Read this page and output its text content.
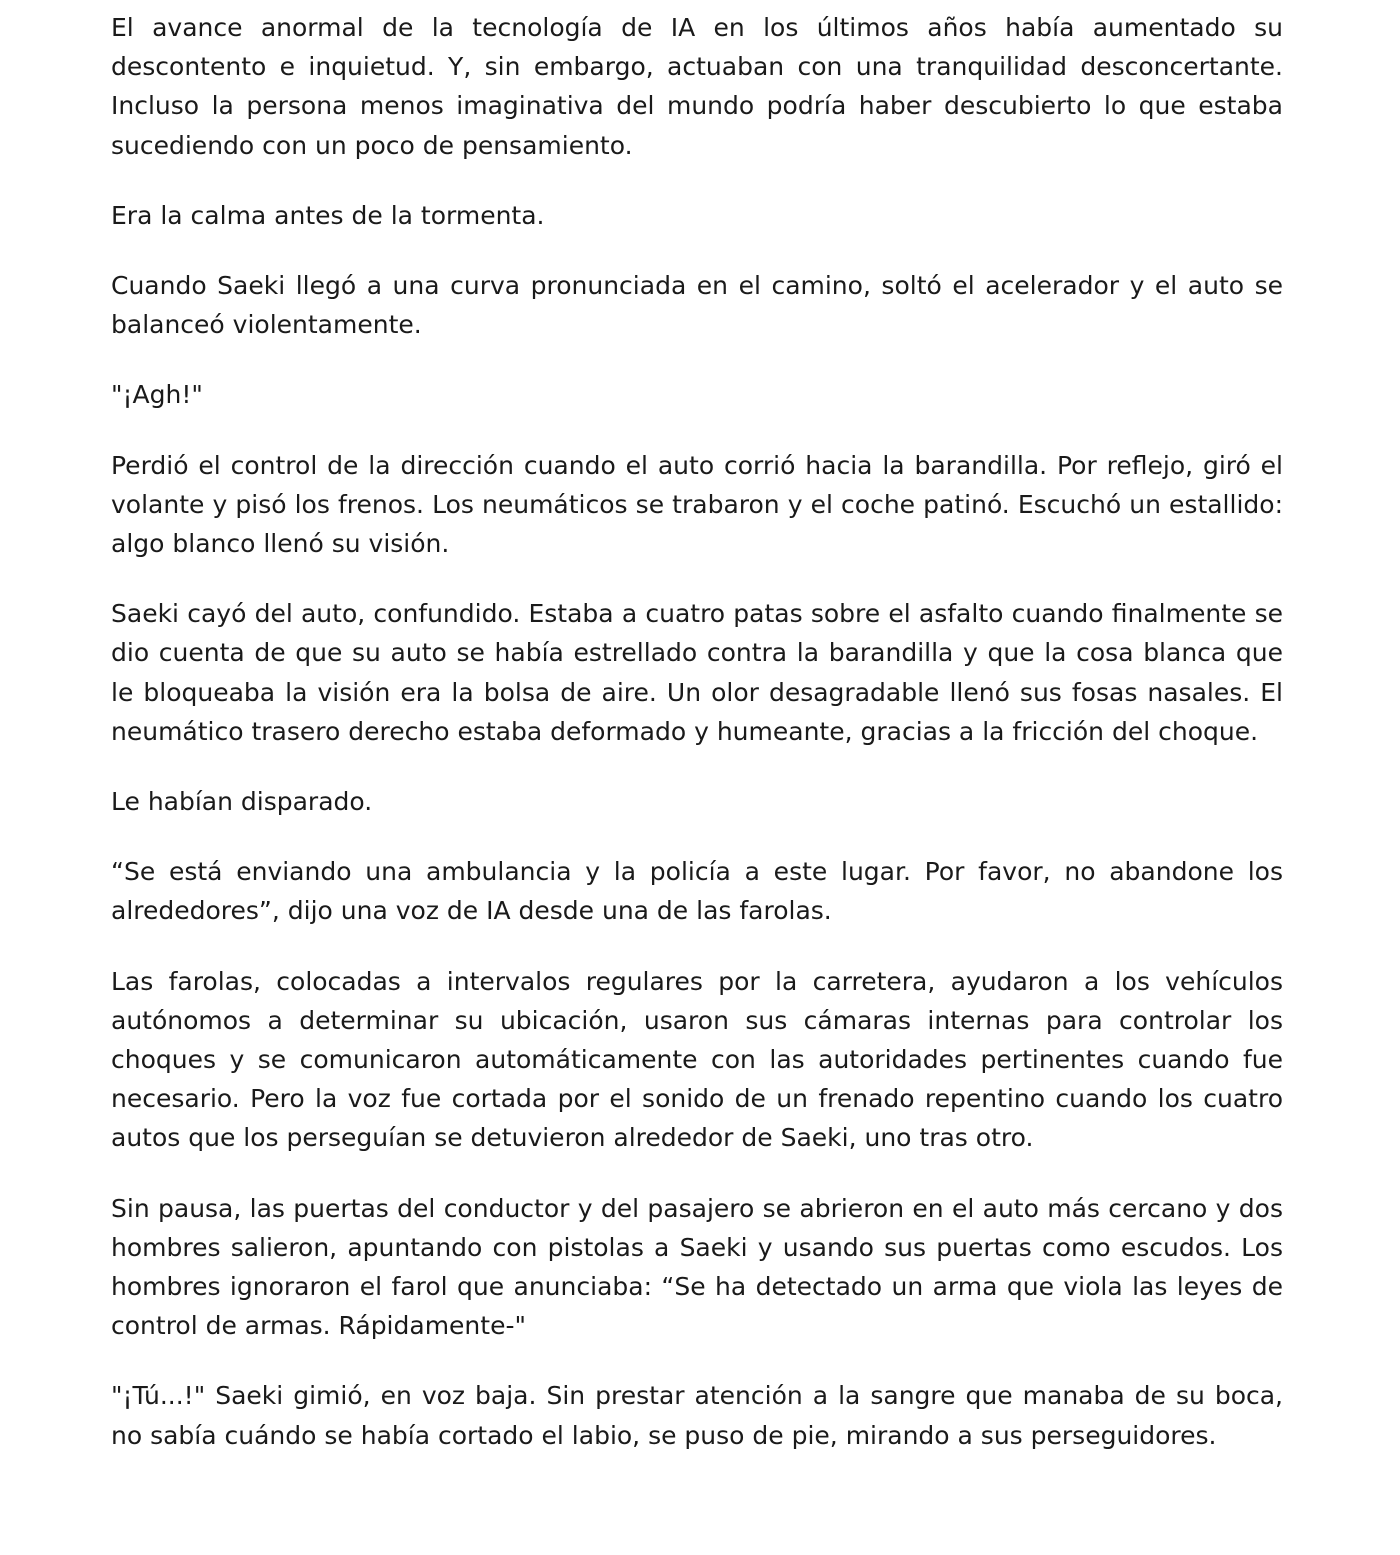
El avance anormal de la tecnología de IA en los últimos años había aumentado su descontento e inquietud. Y, sin embargo, actuaban con una tranquilidad desconcertante. Incluso la persona menos imaginativa del mundo podría haber descubierto lo que estaba sucediendo con un poco de pensamiento.

Era la calma antes de la tormenta.

Cuando Saeki llegó a una curva pronunciada en el camino, soltó el acelerador y el auto se balanceó violentamente.

"¡Agh!"

Perdió el control de la dirección cuando el auto corrió hacia la barandilla. Por reflejo, giró el volante y pisó los frenos. Los neumáticos se trabaron y el coche patinó. Escuchó un estallido: algo blanco llenó su visión.

Saeki cayó del auto, confundido. Estaba a cuatro patas sobre el asfalto cuando finalmente se dio cuenta de que su auto se había estrellado contra la barandilla y que la cosa blanca que le bloqueaba la visión era la bolsa de aire. Un olor desagradable llenó sus fosas nasales. El neumático trasero derecho estaba deformado y humeante, gracias a la fricción del choque.

Le habían disparado.

“Se está enviando una ambulancia y la policía a este lugar. Por favor, no abandone los alrededores”, dijo una voz de IA desde una de las farolas.

Las farolas, colocadas a intervalos regulares por la carretera, ayudaron a los vehículos autónomos a determinar su ubicación, usaron sus cámaras internas para controlar los choques y se comunicaron automáticamente con las autoridades pertinentes cuando fue necesario. Pero la voz fue cortada por el sonido de un frenado repentino cuando los cuatro autos que los perseguían se detuvieron alrededor de Saeki, uno tras otro.

Sin pausa, las puertas del conductor y del pasajero se abrieron en el auto más cercano y dos hombres salieron, apuntando con pistolas a Saeki y usando sus puertas como escudos. Los hombres ignoraron el farol que anunciaba: “Se ha detectado un arma que viola las leyes de control de armas. Rápidamente-"

"¡Tú...!" Saeki gimió, en voz baja. Sin prestar atención a la sangre que manaba de su boca, no sabía cuándo se había cortado el labio, se puso de pie, mirando a sus perseguidores.
